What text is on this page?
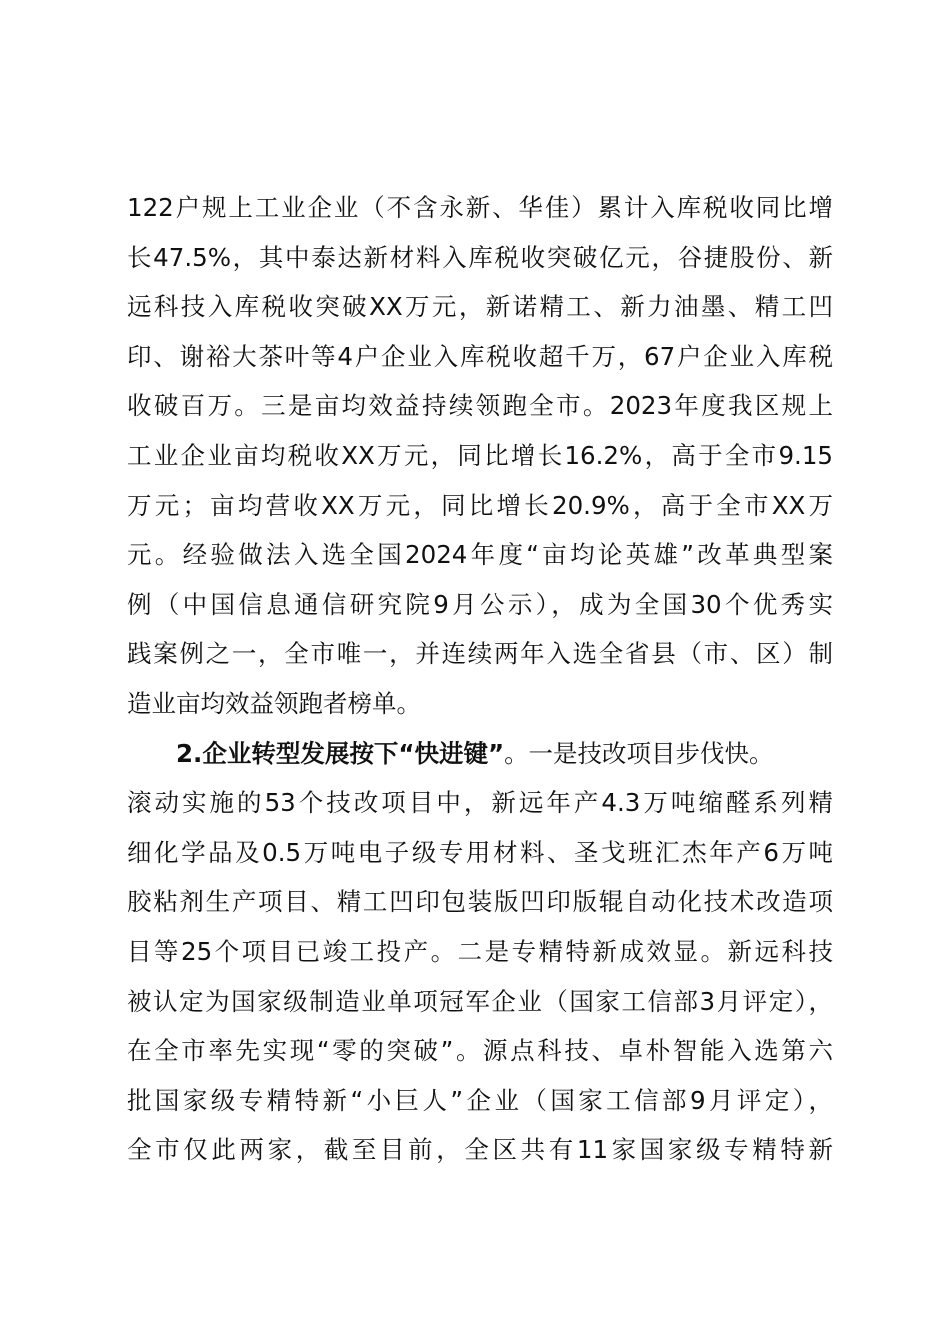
122户规上工业企业（不含永新、华佳）累计入库税收同比增
长47.5%，其中泰达新材料入库税收突破亿元，谷捷股份、新
远科技入库税收突破XX万元，新诺精工、新力油墨、精工凹
印、谢裕大茶叶等4户企业入库税收超千万，67户企业入库税
收破百万。三是亩均效益持续领跑全市。2023年度我区规上
工业企业亩均税收XX万元，同比增长16.2%，高于全市9.15
万元；亩均营收XX万元，同比增长20.9%，高于全市XX万
元。经验做法入选全国2024年度“亩均论英雄”改革典型案
例（中国信息通信研究院9月公示），成为全国30个优秀实
践案例之一，全市唯一，并连续两年入选全省县（市、区）制
造业亩均效益领跑者榜单。
2.企业转型发展按下“快进键”。一是技改项目步伐快。
滚动实施的53个技改项目中，新远年产4.3万吨缩醛系列精
细化学品及0.5万吨电子级专用材料、圣戈班汇杰年产6万吨
胶粘剂生产项目、精工凹印包装版凹印版辊自动化技术改造项
目等25个项目已竣工投产。二是专精特新成效显。新远科技
被认定为国家级制造业单项冠军企业（国家工信部3月评定），
在全市率先实现“零的突破”。源点科技、卓朴智能入选第六
批国家级专精特新“小巨人”企业（国家工信部9月评定），
全市仅此两家，截至目前，全区共有11家国家级专精特新
